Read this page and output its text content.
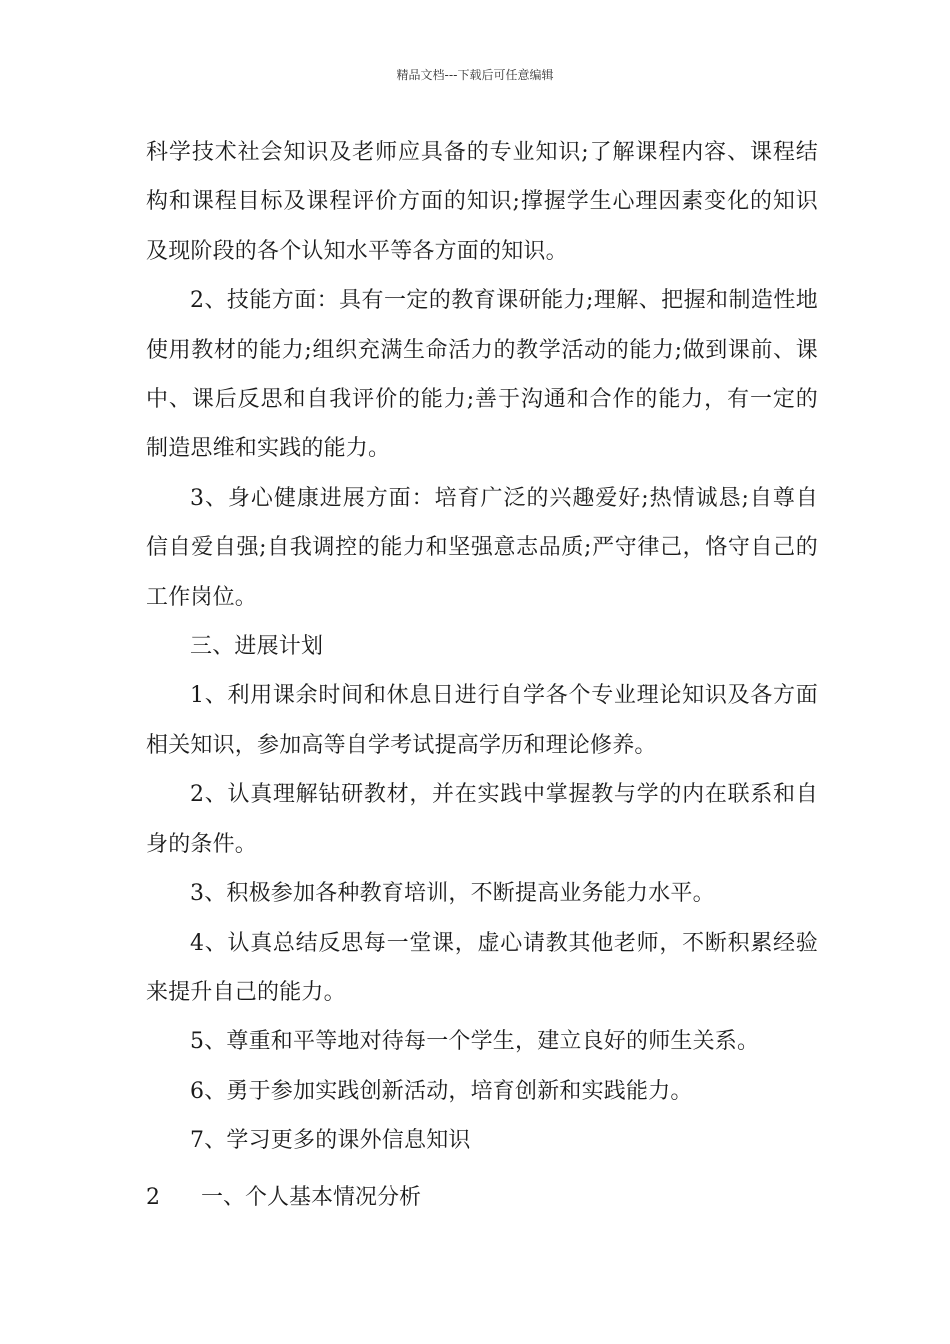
精品文档---下载后可任意编辑

科学技术社会知识及老师应具备的专业知识;了解课程内容、课程结构和课程目标及课程评价方面的知识;撑握学生心理因素变化的知识及现阶段的各个认知水平等各方面的知识。

2、技能方面：具有一定的教育课研能力;理解、把握和制造性地使用教材的能力;组织充满生命活力的教学活动的能力;做到课前、课中、课后反思和自我评价的能力;善于沟通和合作的能力，有一定的制造思维和实践的能力。

3、身心健康进展方面：培育广泛的兴趣爱好;热情诚恳;自尊自信自爱自强;自我调控的能力和坚强意志品质;严守律己，恪守自己的工作岗位。

三、进展计划

1、利用课余时间和休息日进行自学各个专业理论知识及各方面相关知识，参加高等自学考试提高学历和理论修养。

2、认真理解钻研教材，并在实践中掌握教与学的内在联系和自身的条件。

3、积极参加各种教育培训，不断提高业务能力水平。

4、认真总结反思每一堂课，虚心请教其他老师，不断积累经验来提升自己的能力。

5、尊重和平等地对待每一个学生，建立良好的师生关系。

6、勇于参加实践创新活动，培育创新和实践能力。

7、学习更多的课外信息知识

2 一、个人基本情况分析
